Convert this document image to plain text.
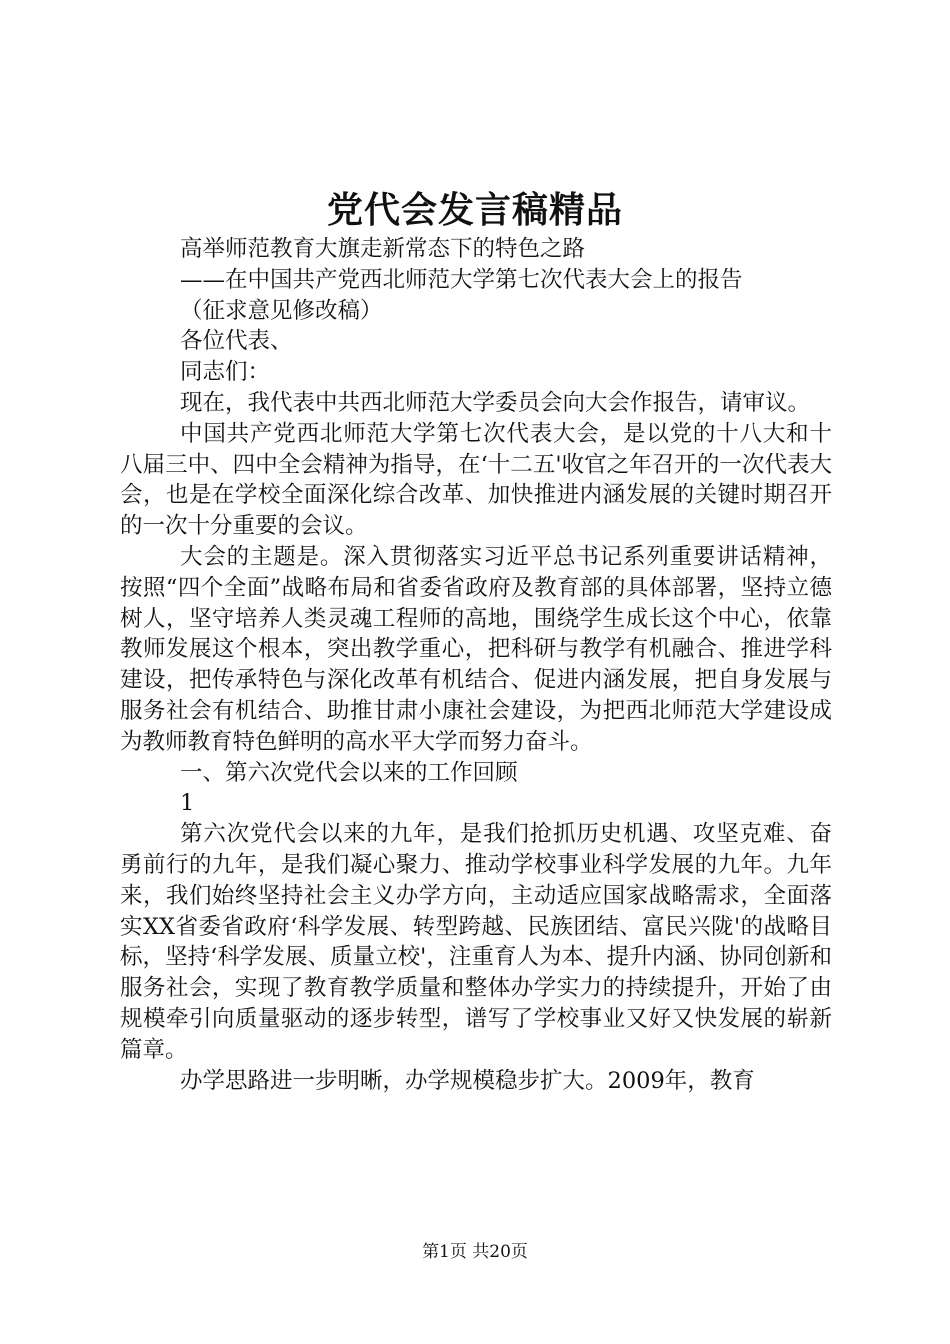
党代会发言稿精品
高举师范教育大旗走新常态下的特色之路
——在中国共产党西北师范大学第七次代表大会上的报告
（征求意见修改稿）
各位代表、
同志们：
现在，我代表中共西北师范大学委员会向大会作报告，请审议。
中国共产党西北师范大学第七次代表大会，是以党的十八大和十八届三中、四中全会精神为指导，在‘十二五'收官之年召开的一次代表大会，也是在学校全面深化综合改革、加快推进内涵发展的关键时期召开的一次十分重要的会议。
大会的主题是。深入贯彻落实习近平总书记系列重要讲话精神，按照“四个全面”战略布局和省委省政府及教育部的具体部署，坚持立德树人，坚守培养人类灵魂工程师的高地，围绕学生成长这个中心，依靠教师发展这个根本，突出教学重心，把科研与教学有机融合、推进学科建设，把传承特色与深化改革有机结合、促进内涵发展，把自身发展与服务社会有机结合、助推甘肃小康社会建设，为把西北师范大学建设成为教师教育特色鲜明的高水平大学而努力奋斗。
一、第六次党代会以来的工作回顾
1
第六次党代会以来的九年，是我们抢抓历史机遇、攻坚克难、奋勇前行的九年，是我们凝心聚力、推动学校事业科学发展的九年。九年来，我们始终坚持社会主义办学方向，主动适应国家战略需求，全面落实XX省委省政府‘科学发展、转型跨越、民族团结、富民兴陇'的战略目标，坚持‘科学发展、质量立校'，注重育人为本、提升内涵、协同创新和服务社会，实现了教育教学质量和整体办学实力的持续提升，开始了由规模牵引向质量驱动的逐步转型，谱写了学校事业又好又快发展的崭新篇章。
办学思路进一步明晰，办学规模稳步扩大。2009年，教育
第1页 共20页
